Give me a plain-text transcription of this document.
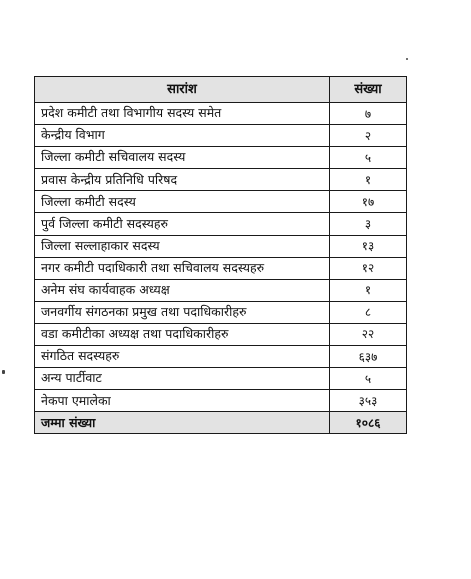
सारांश	संख्या
प्रदेश कमीटी तथा विभागीय सदस्य समेत	७
केन्द्रीय विभाग	२
जिल्ला कमीटी सचिवालय सदस्य	५
प्रवास केन्द्रीय प्रतिनिधि परिषद	१
जिल्ला कमीटी सदस्य	१७
पुर्व जिल्ला कमीटी सदस्यहरु	३
जिल्ला सल्लाहाकार सदस्य	१३
नगर कमीटी पदाधिकारी तथा सचिवालय सदस्यहरु	१२
अनेम संघ कार्यवाहक अध्यक्ष	१
जनवर्गीय संगठनका प्रमुख तथा पदाधिकारीहरु	८
वडा कमीटीका अध्यक्ष तथा पदाधिकारीहरु	२२
संगठित सदस्यहरु	६३७
अन्य पार्टीवाट	५
नेकपा एमालेका	३५३
जम्मा संख्या	१०८६
